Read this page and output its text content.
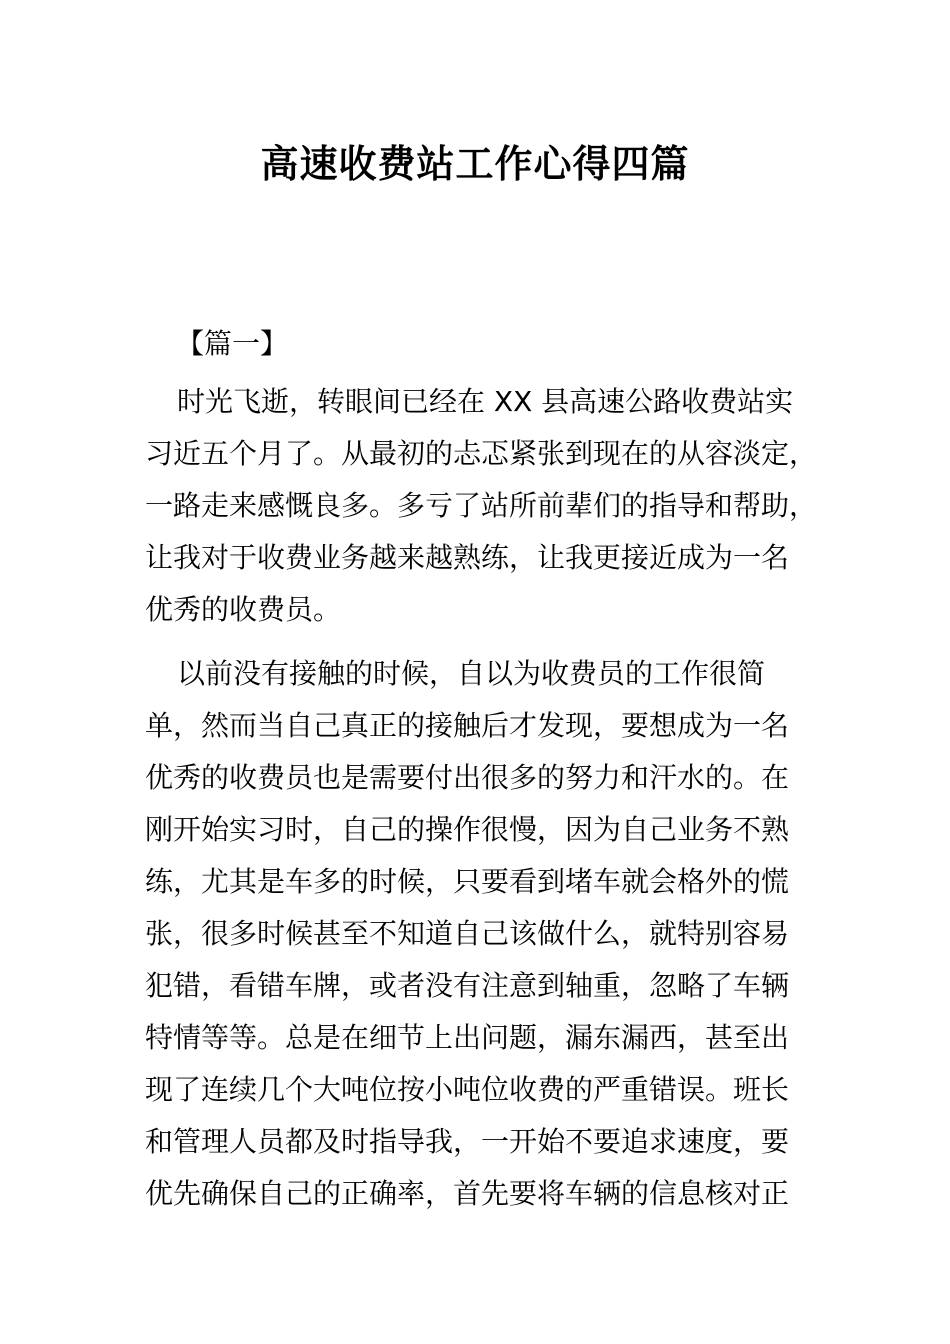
高速收费站工作心得四篇
【篇一】
时光飞逝，转眼间已经在 XX 县高速公路收费站实
习近五个月了。从最初的忐忑紧张到现在的从容淡定，
一路走来感慨良多。多亏了站所前辈们的指导和帮助，
让我对于收费业务越来越熟练，让我更接近成为一名
优秀的收费员。
以前没有接触的时候，自以为收费员的工作很简
单，然而当自己真正的接触后才发现，要想成为一名
优秀的收费员也是需要付出很多的努力和汗水的。在
刚开始实习时，自己的操作很慢，因为自己业务不熟
练，尤其是车多的时候，只要看到堵车就会格外的慌
张，很多时候甚至不知道自己该做什么，就特别容易
犯错，看错车牌，或者没有注意到轴重，忽略了车辆
特情等等。总是在细节上出问题，漏东漏西，甚至出
现了连续几个大吨位按小吨位收费的严重错误。班长
和管理人员都及时指导我，一开始不要追求速度，要
优先确保自己的正确率，首先要将车辆的信息核对正
